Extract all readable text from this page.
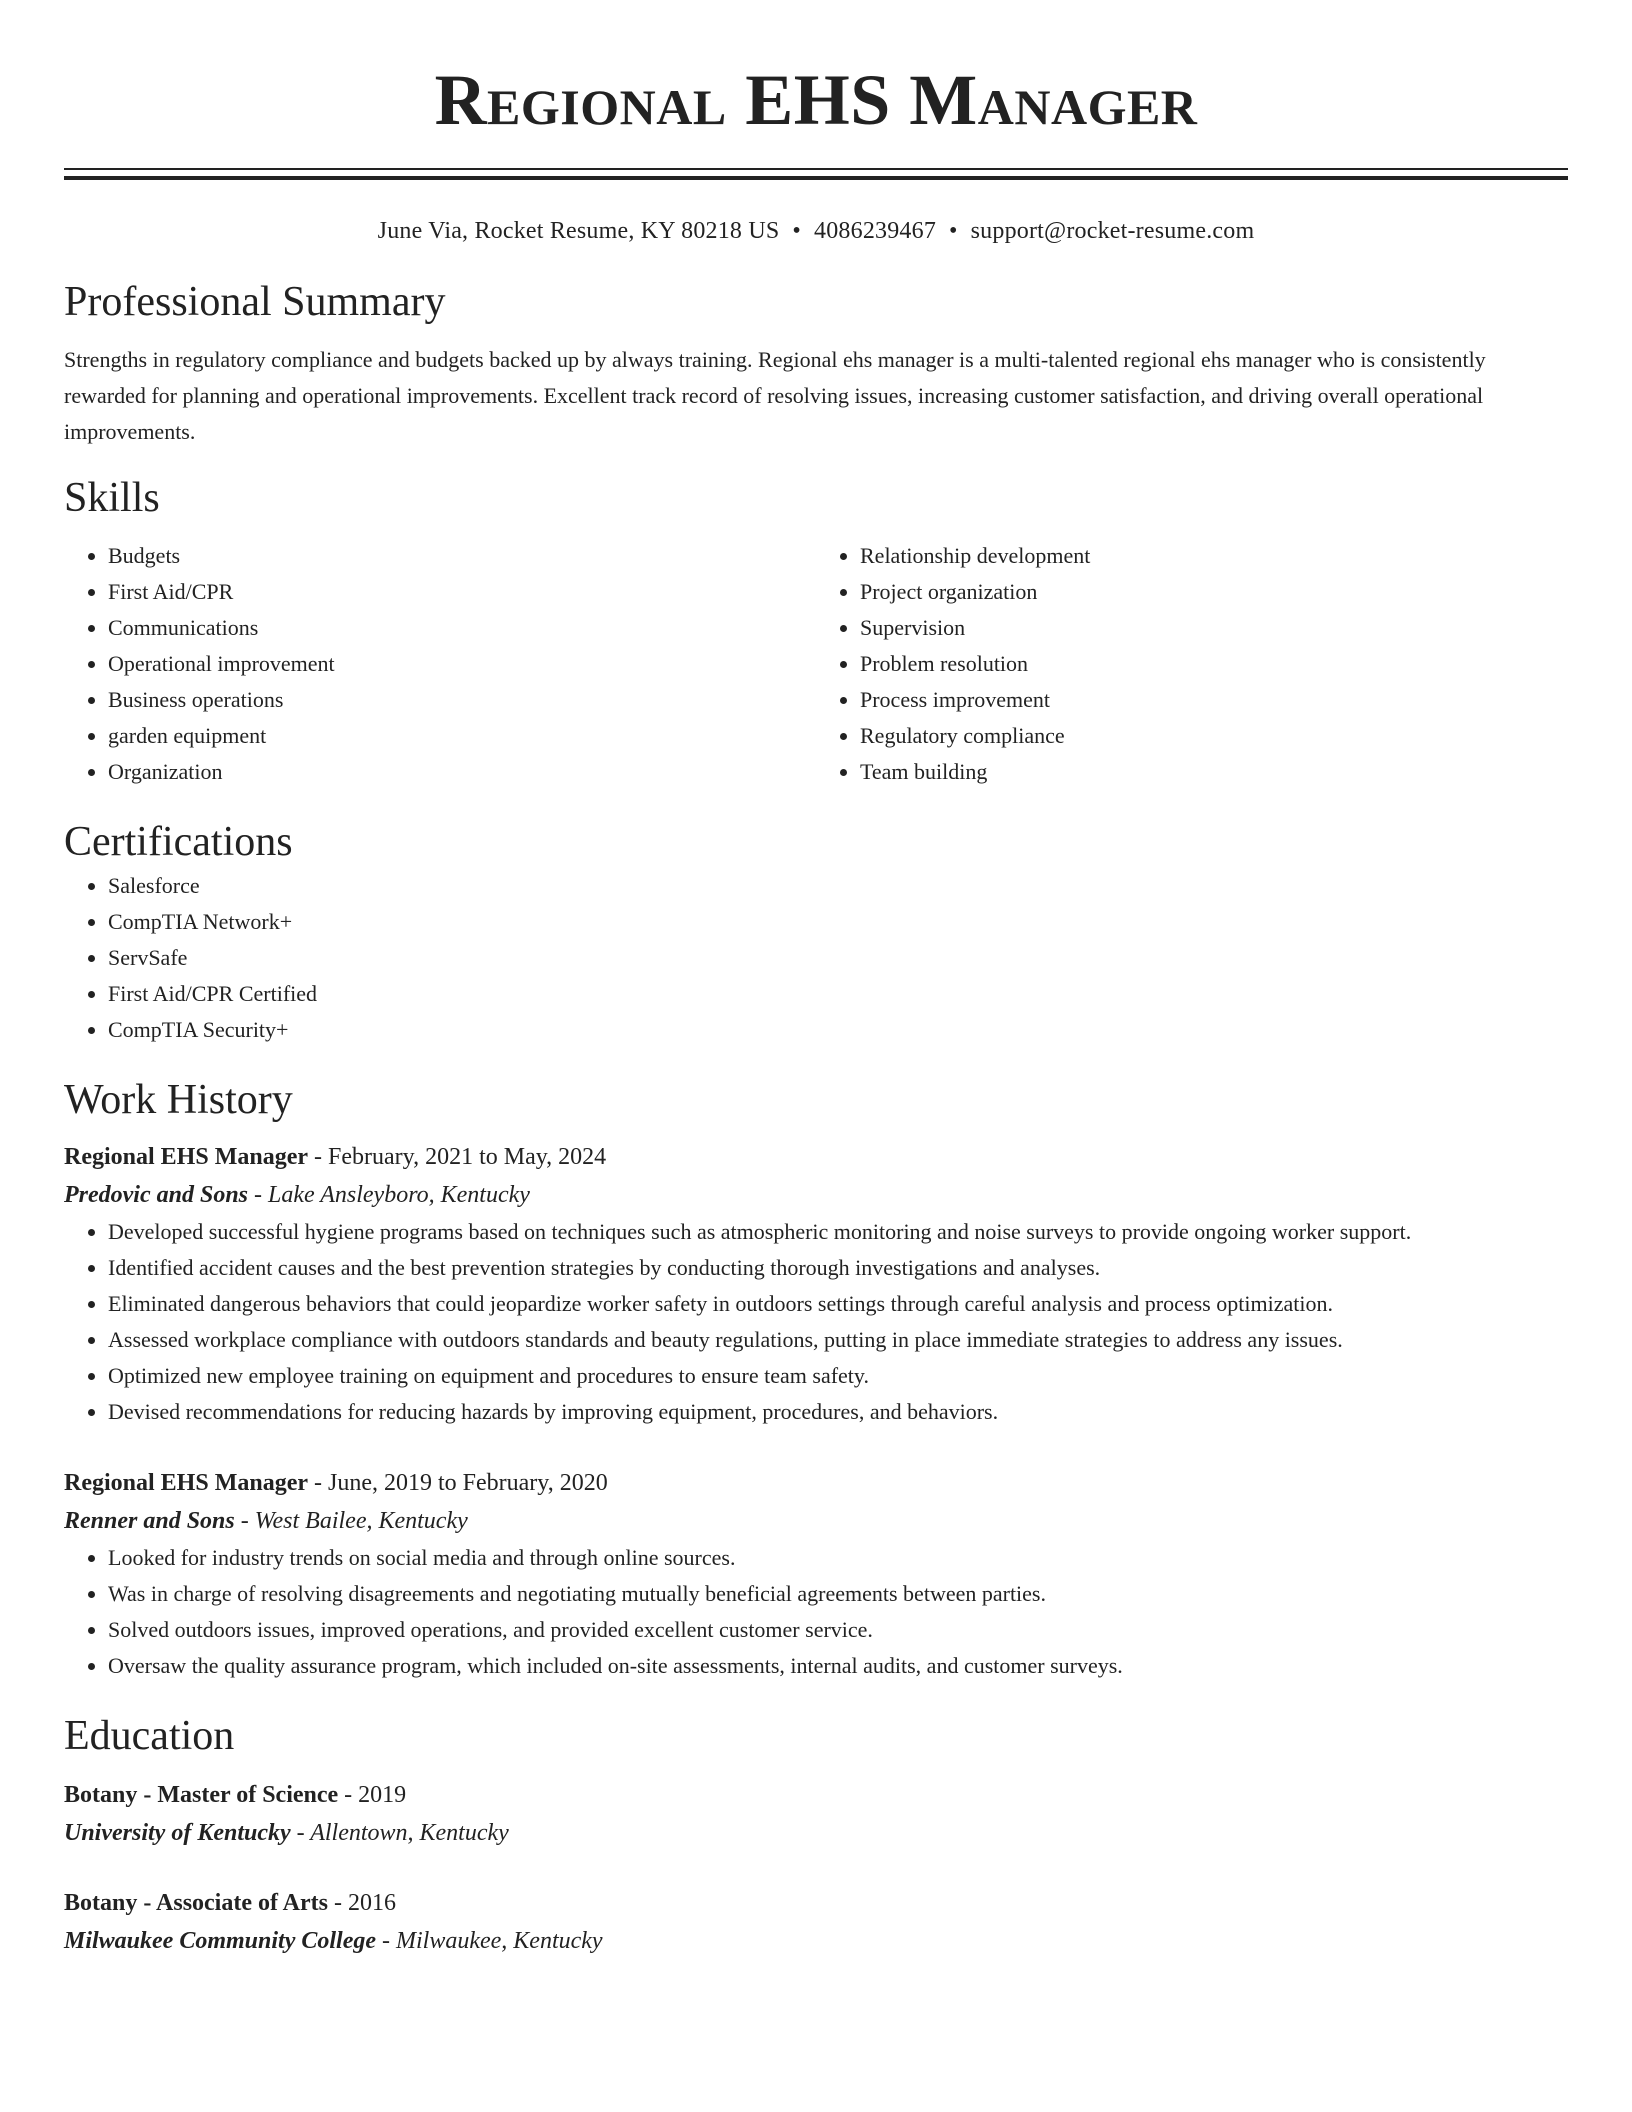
Regional EHS Manager
June Via, Rocket Resume, KY 80218 US • 4086239467 • support@rocket-resume.com
Professional Summary

Strengths in regulatory compliance and budgets backed up by always training. Regional ehs manager is a multi-talented regional ehs manager who is consistently rewarded for planning and operational improvements. Excellent track record of resolving issues, increasing customer satisfaction, and driving overall operational improvements.

Skills
• Budgets
• First Aid/CPR
• Communications
• Operational improvement
• Business operations
• garden equipment
• Organization
• Relationship development
• Project organization
• Supervision
• Problem resolution
• Process improvement
• Regulatory compliance
• Team building
Certifications
• Salesforce
• CompTIA Network+
• ServSafe
• First Aid/CPR Certified
• CompTIA Security+
Work History
Regional EHS Manager - February, 2021 to May, 2024
Predovic and Sons - Lake Ansleyboro, Kentucky
• Developed successful hygiene programs based on techniques such as atmospheric monitoring and noise surveys to provide ongoing worker support.
• Identified accident causes and the best prevention strategies by conducting thorough investigations and analyses.
• Eliminated dangerous behaviors that could jeopardize worker safety in outdoors settings through careful analysis and process optimization.
• Assessed workplace compliance with outdoors standards and beauty regulations, putting in place immediate strategies to address any issues.
• Optimized new employee training on equipment and procedures to ensure team safety.
• Devised recommendations for reducing hazards by improving equipment, procedures, and behaviors.
Regional EHS Manager - June, 2019 to February, 2020
Renner and Sons - West Bailee, Kentucky
• Looked for industry trends on social media and through online sources.
• Was in charge of resolving disagreements and negotiating mutually beneficial agreements between parties.
• Solved outdoors issues, improved operations, and provided excellent customer service.
• Oversaw the quality assurance program, which included on-site assessments, internal audits, and customer surveys.
Education
Botany - Master of Science - 2019
University of Kentucky - Allentown, Kentucky
Botany - Associate of Arts - 2016
Milwaukee Community College - Milwaukee, Kentucky
